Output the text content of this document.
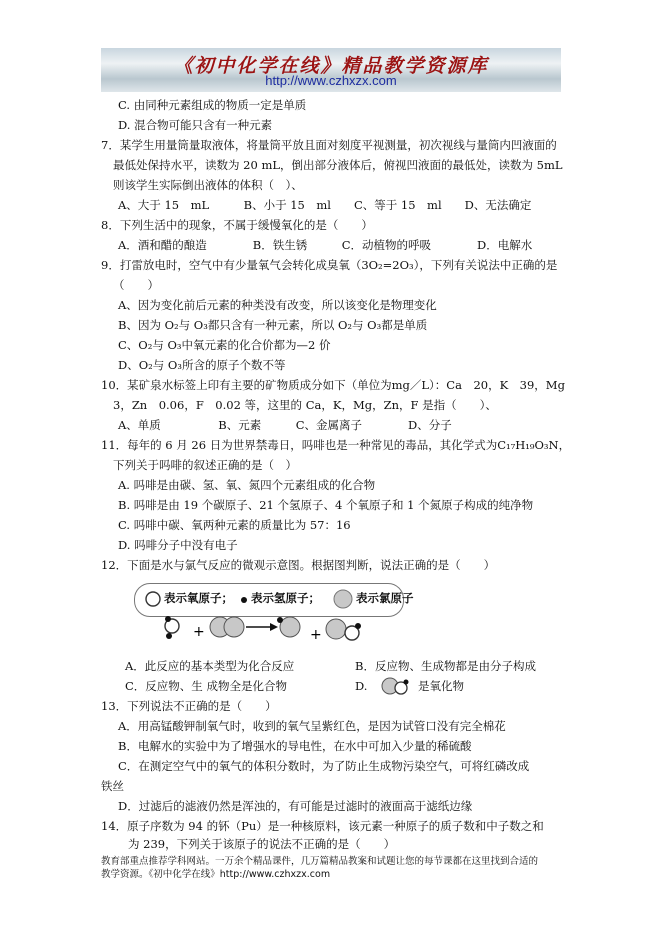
《初中化学在线》精品教学资源库
http://www.czhxzx.com
C. 由同种元素组成的物质一定是单质
D. 混合物可能只含有一种元素
7．某学生用量筒量取液体，将量筒平放且面对刻度平视测量，初次视线与量筒内凹液面的
最低处保持水平，读数为 20 mL，倒出部分液体后，俯视凹液面的最低处，读数为 5mL
则该学生实际倒出液体的体积（　）、
A、大于 15　mL　　　B、小于 15　ml　　C、等于 15　ml　　D、无法确定
8．下列生活中的现象，不属于缓慢氧化的是（　　）
A．酒和醋的酿造　　　　B．铁生锈　　　C．动植物的呼吸　　　　D．电解水
9．打雷放电时，空气中有少量氧气会转化成臭氧（3O₂=2O₃），下列有关说法中正确的是
（　　）
A、因为变化前后元素的种类没有改变，所以该变化是物理变化
B、因为 O₂与 O₃都只含有一种元素，所以 O₂与 O₃都是单质
C、O₂与 O₃中氧元素的化合价都为—2 价
D、O₂与 O₃所含的原子个数不等
10．某矿泉水标签上印有主要的矿物质成分如下（单位为mg／L）：Ca　20，K　39，Mg
3，Zn　0.06，F　0.02 等，这里的 Ca，K，Mg，Zn，F 是指（　　）、
A、单质　　　　　B、元素　　　C、金属离子　　　　D、分子
11．每年的 6 月 26 日为世界禁毒日，吗啡也是一种常见的毒品，其化学式为C₁₇H₁₉O₃N，
下列关于吗啡的叙述正确的是（　）
A. 吗啡是由碳、氢、氧、氮四个元素组成的化合物
B. 吗啡是由 19 个碳原子、21 个氢原子、4 个氧原子和 1 个氮原子构成的纯净物
C. 吗啡中碳、氧两种元素的质量比为 57：16
D. 吗啡分子中没有电子
12．下面是水与氯气反应的微观示意图。根据图判断，说法正确的是（　　）
表示氧原子； 表示氢原子；	表示氯原子
+	+
A．此反应的基本类型为化合反应	B．反应物、生成物都是由分子构成
C．反应物、生 成物全是化合物	D.	是氧化物
13．下列说法不正确的是（　　）
A．用高锰酸钾制氧气时，收到的氧气呈紫红色，是因为试管口没有完全棉花
B．电解水的实验中为了增强水的导电性，在水中可加入少量的稀硫酸
C．在测定空气中的氧气的体积分数时，为了防止生成物污染空气，可将红磷改成
铁丝
D．过滤后的滤液仍然是浑浊的，有可能是过滤时的液面高于滤纸边缘
14．原子序数为 94 的钚（Pu）是一种核原料，该元素一种原子的质子数和中子数之和
为 239，下列关于该原子的说法不正确的是（　　）
教育部重点推荐学科网站。一万余个精品课件，几万篇精品教案和试题让您的每节课都在这里找到合适的
教学资源。《初中化学在线》http://www.czhxzx.com
